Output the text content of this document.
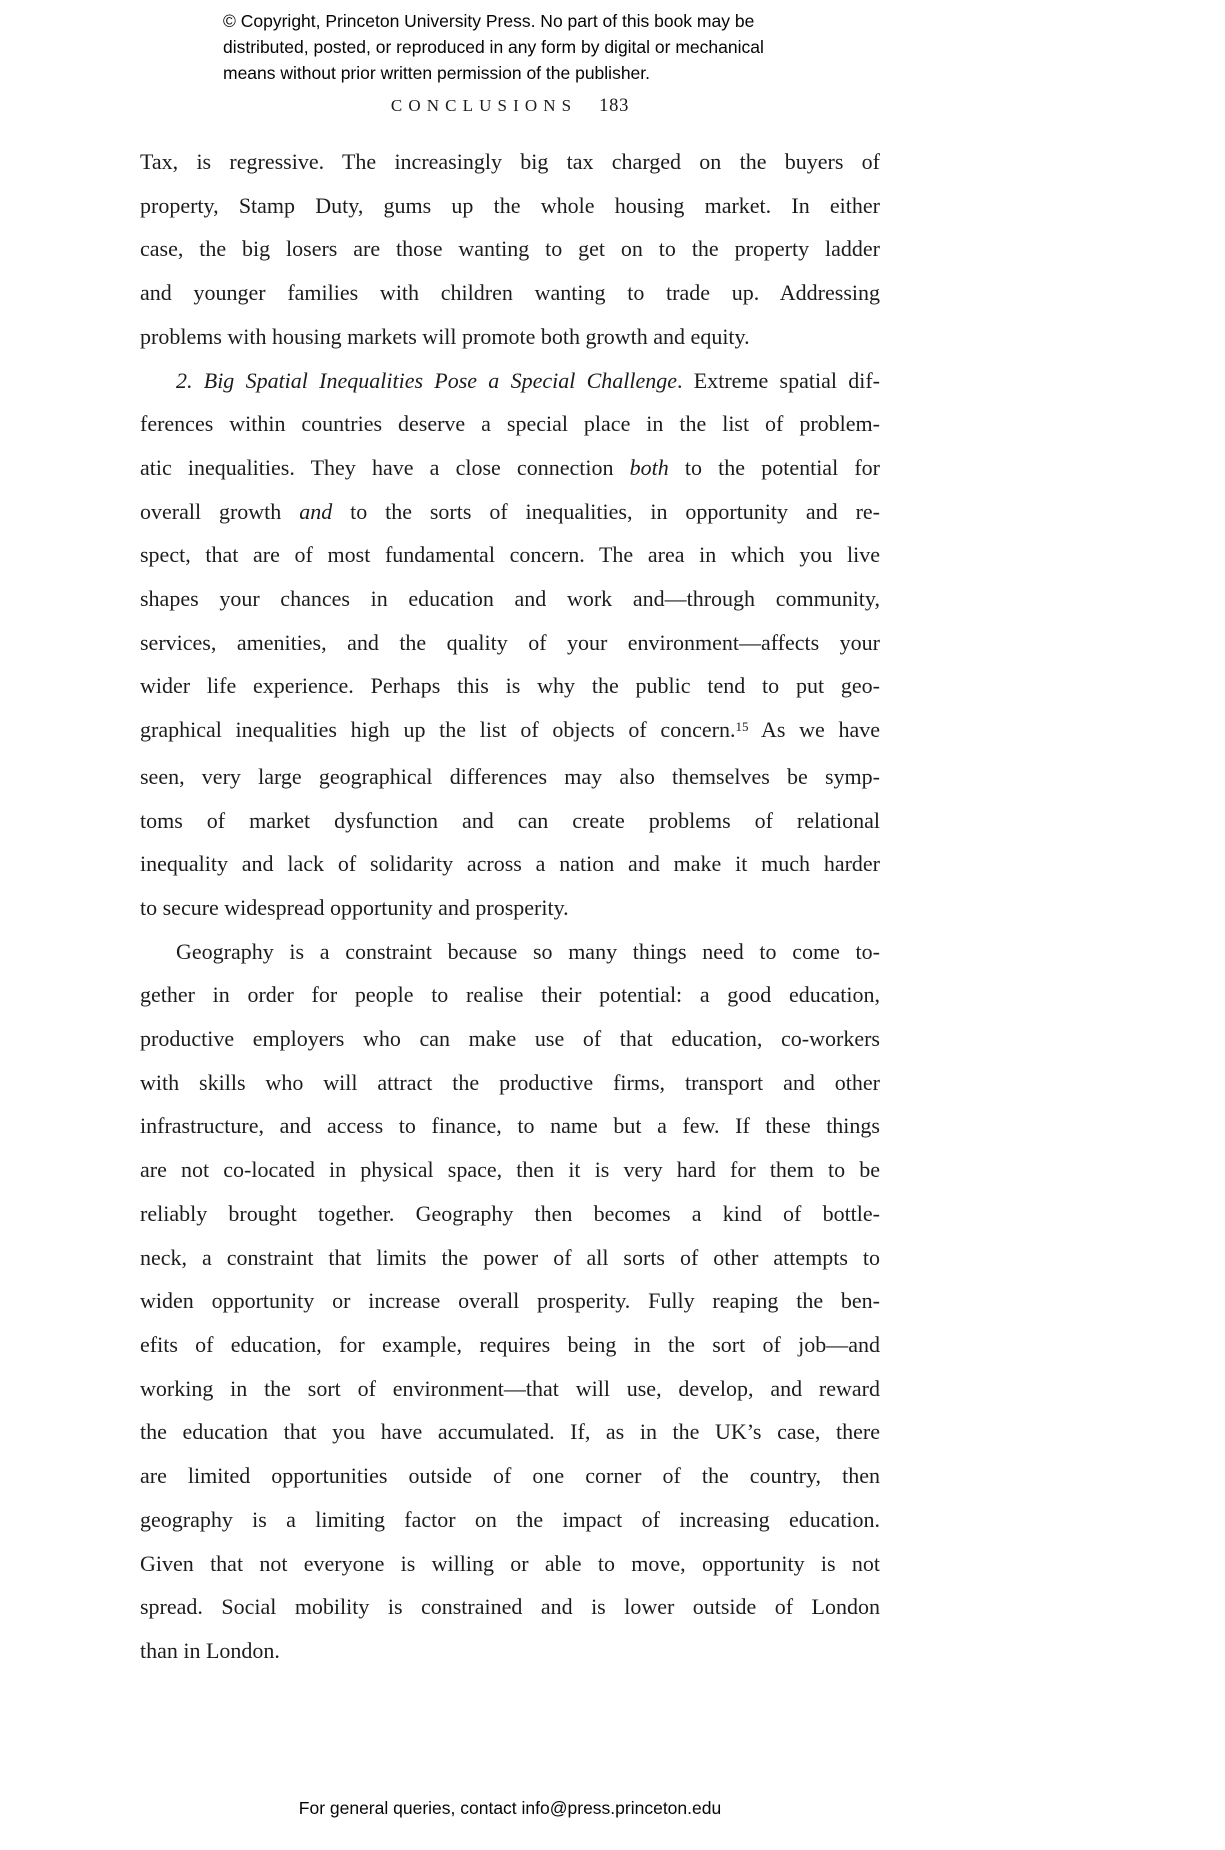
© Copyright, Princeton University Press. No part of this book may be
distributed, posted, or reproduced in any form by digital or mechanical
means without prior written permission of the publisher.
CONCLUSIONS 183
Tax, is regressive. The increasingly big tax charged on the buyers of
property, Stamp Duty, gums up the whole housing market. In either
case, the big losers are those wanting to get on to the property ladder
and younger families with children wanting to trade up. Addressing
problems with housing markets will promote both growth and equity.
2. Big Spatial Inequalities Pose a Special Challenge. Extreme spatial dif-
ferences within countries deserve a special place in the list of problem-
atic inequalities. They have a close connection both to the potential for
overall growth and to the sorts of inequalities, in opportunity and re-
spect, that are of most fundamental concern. The area in which you live
shapes your chances in education and work and—through community,
services, amenities, and the quality of your environment—affects your
wider life experience. Perhaps this is why the public tend to put geo-
graphical inequalities high up the list of objects of concern.$^{15}$ As we have
seen, very large geographical differences may also themselves be symp-
toms of market dysfunction and can create problems of relational
inequality and lack of solidarity across a nation and make it much harder
to secure widespread opportunity and prosperity.
Geography is a constraint because so many things need to come to-
gether in order for people to realise their potential: a good education,
productive employers who can make use of that education, co-workers
with skills who will attract the productive firms, transport and other
infrastructure, and access to finance, to name but a few. If these things
are not co-located in physical space, then it is very hard for them to be
reliably brought together. Geography then becomes a kind of bottle-
neck, a constraint that limits the power of all sorts of other attempts to
widen opportunity or increase overall prosperity. Fully reaping the ben-
efits of education, for example, requires being in the sort of job—and
working in the sort of environment—that will use, develop, and reward
the education that you have accumulated. If, as in the UK’s case, there
are limited opportunities outside of one corner of the country, then
geography is a limiting factor on the impact of increasing education.
Given that not everyone is willing or able to move, opportunity is not
spread. Social mobility is constrained and is lower outside of London
than in London.
For general queries, contact info@press.princeton.edu
